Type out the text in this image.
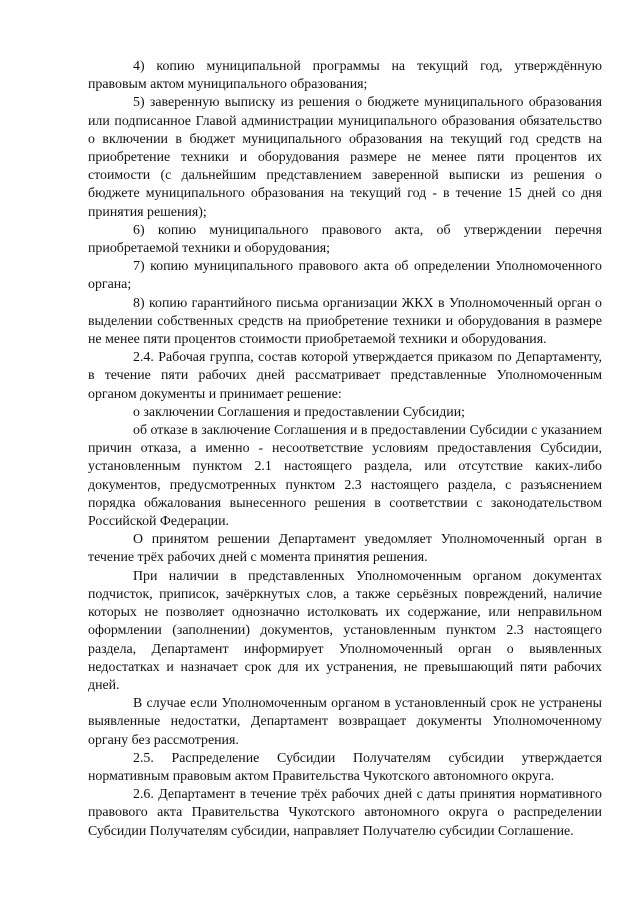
4) копию муниципальной программы на текущий год, утверждённую правовым актом муниципального образования;

5) заверенную выписку из решения о бюджете муниципального образования или подписанное Главой администрации муниципального образования обязательство о включении в бюджет муниципального образования на текущий год средств на приобретение техники и оборудования размере не менее пяти процентов их стоимости (с дальнейшим представлением заверенной выписки из решения о бюджете муниципального образования на текущий год - в течение 15 дней со дня принятия решения);

6) копию муниципального правового акта, об утверждении перечня приобретаемой техники и оборудования;

7) копию муниципального правового акта об определении Уполномоченного органа;

8) копию гарантийного письма организации ЖКХ в Уполномоченный орган о выделении собственных средств на приобретение техники и оборудования в размере не менее пяти процентов стоимости приобретаемой техники и оборудования.

2.4. Рабочая группа, состав которой утверждается приказом по Департаменту, в течение пяти рабочих дней рассматривает представленные Уполномоченным органом документы и принимает решение:

о заключении Соглашения и предоставлении Субсидии;

об отказе в заключение Соглашения и в предоставлении Субсидии с указанием причин отказа, а именно - несоответствие условиям предоставления Субсидии, установленным пунктом 2.1 настоящего раздела, или отсутствие каких-либо документов, предусмотренных пунктом 2.3 настоящего раздела, с разъяснением порядка обжалования вынесенного решения в соответствии с законодательством Российской Федерации.

О принятом решении Департамент уведомляет Уполномоченный орган в течение трёх рабочих дней с момента принятия решения.

При наличии в представленных Уполномоченным органом документах подчисток, приписок, зачёркнутых слов, а также серьёзных повреждений, наличие которых не позволяет однозначно истолковать их содержание, или неправильном оформлении (заполнении) документов, установленным пунктом 2.3 настоящего раздела, Департамент информирует Уполномоченный орган о выявленных недостатках и назначает срок для их устранения, не превышающий пяти рабочих дней.

В случае если Уполномоченным органом в установленный срок не устранены выявленные недостатки, Департамент возвращает документы Уполномоченному органу без рассмотрения.

2.5. Распределение Субсидии Получателям субсидии утверждается нормативным правовым актом Правительства Чукотского автономного округа.

2.6. Департамент в течение трёх рабочих дней с даты принятия нормативного правового акта Правительства Чукотского автономного округа о распределении Субсидии Получателям субсидии, направляет Получателю субсидии Соглашение.
